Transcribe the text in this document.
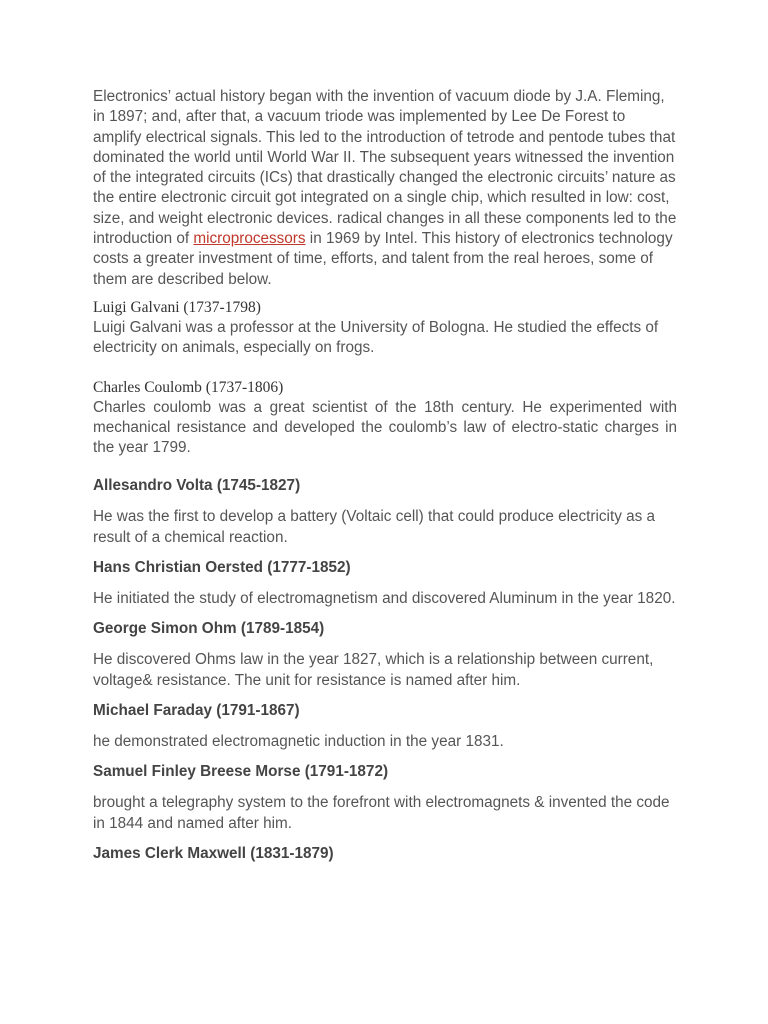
Electronics’ actual history began with the invention of vacuum diode by J.A. Fleming, in 1897; and, after that, a vacuum triode was implemented by Lee De Forest to amplify electrical signals. This led to the introduction of tetrode and pentode tubes that dominated the world until World War II. The subsequent years witnessed the invention of the integrated circuits (ICs) that drastically changed the electronic circuits’ nature as the entire electronic circuit got integrated on a single chip, which resulted in low: cost, size, and weight electronic devices. radical changes in all these components led to the introduction of microprocessors in 1969 by Intel. This history of electronics technology costs a greater investment of time, efforts, and talent from the real heroes, some of them are described below.

Luigi Galvani (1737-1798)

Luigi Galvani was a professor at the University of Bologna. He studied the effects of electricity on animals, especially on frogs.

Charles Coulomb (1737-1806)

Charles coulomb was a great scientist of the 18th century. He experimented with mechanical resistance and developed the coulomb’s law of electro-static charges in the year 1799.

Allesandro Volta (1745-1827)

He was the first to develop a battery (Voltaic cell) that could produce electricity as a result of a chemical reaction.

Hans Christian Oersted (1777-1852)

He initiated the study of electromagnetism and discovered Aluminum in the year 1820.

George Simon Ohm (1789-1854)

He discovered Ohms law in the year 1827, which is a relationship between current, voltage& resistance. The unit for resistance is named after him.

Michael Faraday (1791-1867)

he demonstrated electromagnetic induction in the year 1831.

Samuel Finley Breese Morse (1791-1872)

brought a telegraphy system to the forefront with electromagnets & invented the code in 1844 and named after him.

James Clerk Maxwell (1831-1879)
